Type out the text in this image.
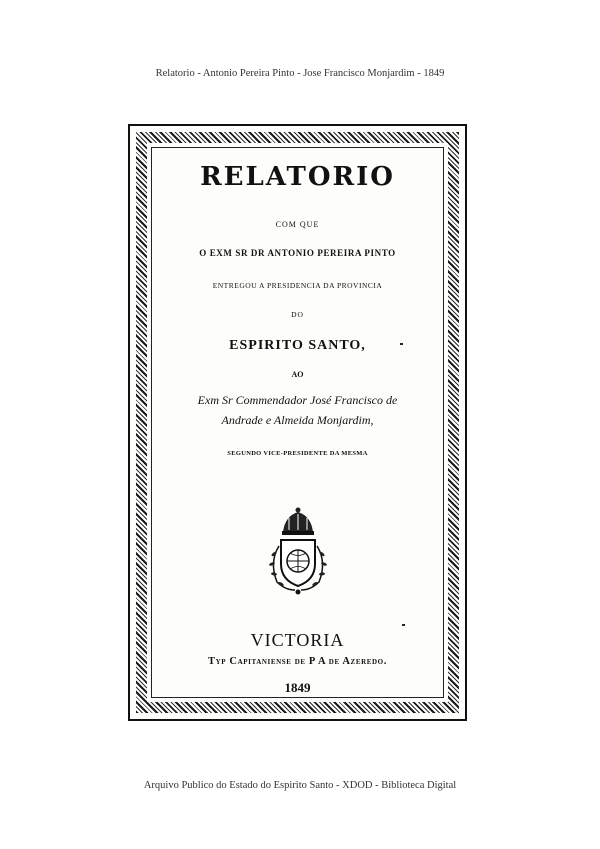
Relatorio - Antonio Pereira Pinto - Jose Francisco Monjardim - 1849
RELATORIO
COM QUE
O EXM SR DR ANTONIO PEREIRA PINTO
ENTREGOU A PRESIDENCIA DA PROVINCIA
DO
ESPIRITO SANTO,
AO
Exm Sr Commendador José Francisco de
Andrade e Almeida Monjardim,
SEGUNDO VICE-PRESIDENTE DA MESMA
VICTORIA
Typ Capitaniense de P A de Azeredo.
1849
Arquivo Publico do Estado do Espirito Santo - XDOD - Biblioteca Digital
